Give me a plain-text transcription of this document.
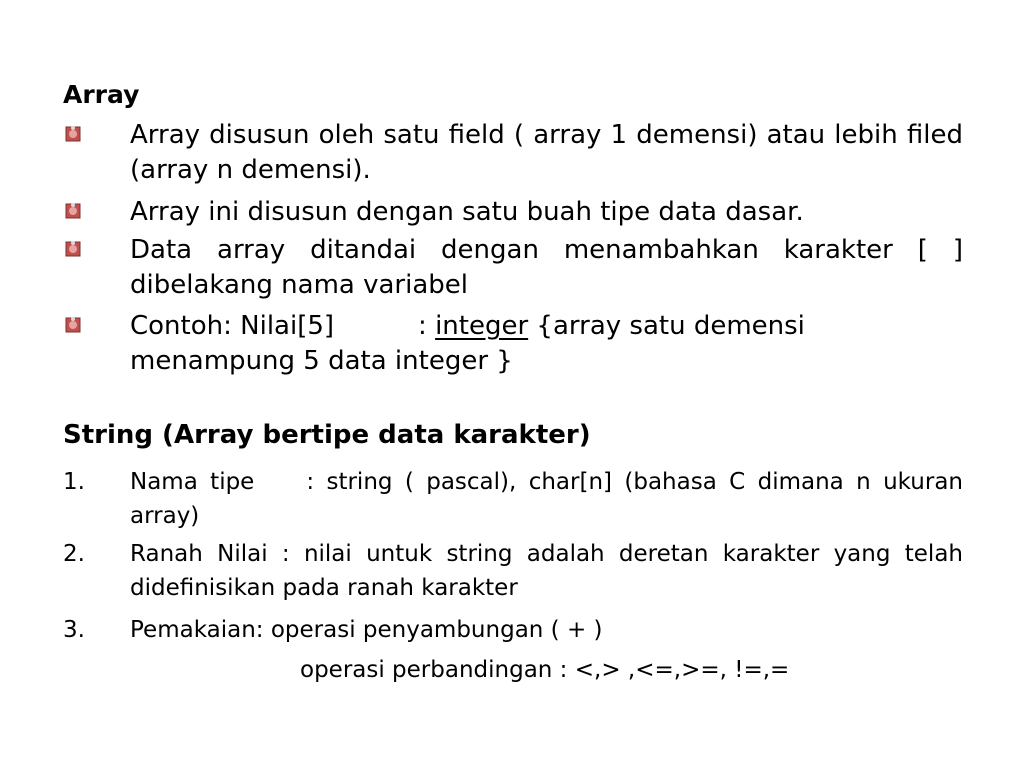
Array

Array disusun oleh satu field ( array 1 demensi) atau lebih filed (array n demensi).

Array ini disusun dengan satu buah tipe data dasar.

Data array ditandai dengan menambahkan karakter [ ] dibelakang nama variabel

Contoh: Nilai[5]	: integer {array satu demensi menampung 5 data integer }

String (Array bertipe data karakter)
1. Nama tipe : string ( pascal), char[n] (bahasa C dimana n ukuran array)

2. Ranah Nilai : nilai untuk string adalah deretan karakter yang telah didefinisikan pada ranah karakter

3. Pemakaian: operasi penyambungan ( + )

operasi perbandingan : <,> ,<=,>=, !=,=
